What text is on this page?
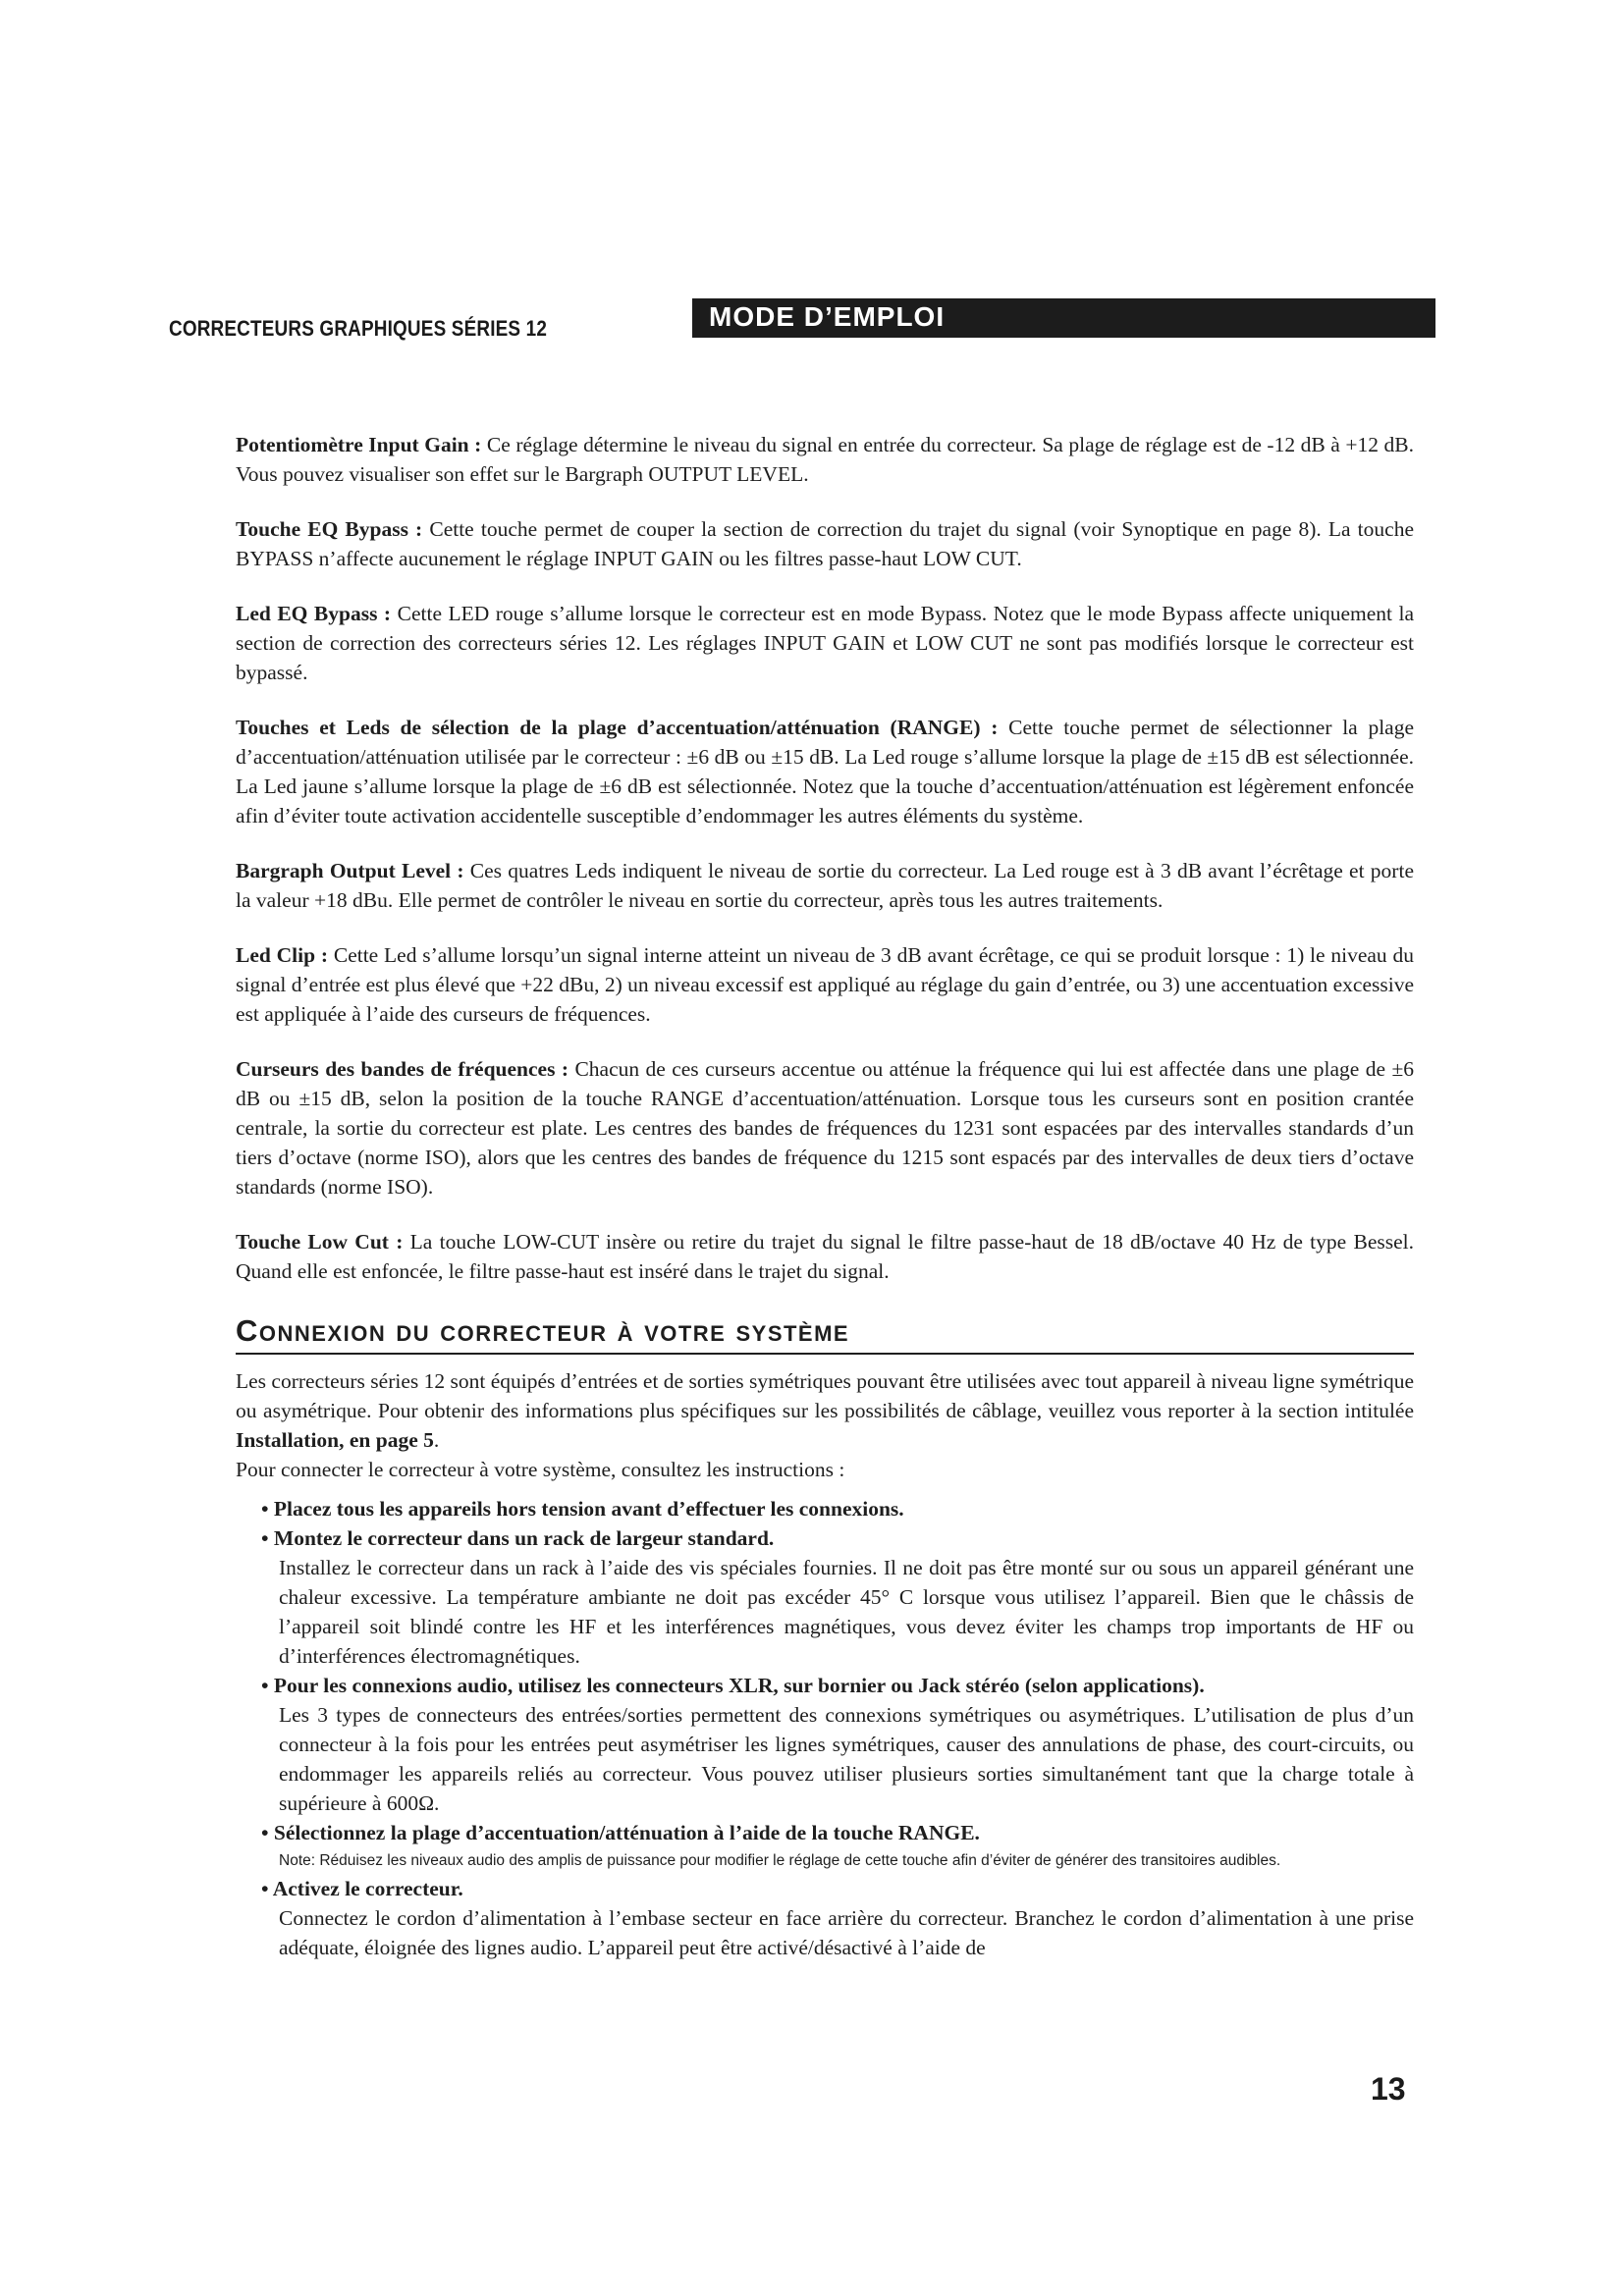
CORRECTEURS GRAPHIQUES SÉRIES 12	MODE D’EMPLOI

Potentiomètre Input Gain : Ce réglage détermine le niveau du signal en entrée du correcteur. Sa plage de réglage est de -12 dB à +12 dB. Vous pouvez visualiser son effet sur le Bargraph OUTPUT LEVEL.

Touche EQ Bypass : Cette touche permet de couper la section de correction du trajet du signal (voir Synoptique en page 8). La touche BYPASS n’affecte aucunement le réglage INPUT GAIN ou les filtres passe-haut LOW CUT.

Led EQ Bypass : Cette LED rouge s’allume lorsque le correcteur est en mode Bypass. Notez que le mode Bypass affecte uniquement la section de correction des correcteurs séries 12. Les réglages INPUT GAIN et LOW CUT ne sont pas modifiés lorsque le correcteur est bypassé.

Touches et Leds de sélection de la plage d’accentuation/atténuation (RANGE) : Cette touche permet de sélectionner la plage d’accentuation/atténuation utilisée par le correcteur : ±6 dB ou ±15 dB. La Led rouge s’allume lorsque la plage de ±15 dB est sélectionnée. La Led jaune s’allume lorsque la plage de ±6 dB est sélectionnée. Notez que la touche d’accentuation/atténuation est légèrement enfoncée afin d’éviter toute activation accidentelle susceptible d’endommager les autres éléments du système.

Bargraph Output Level : Ces quatres Leds indiquent le niveau de sortie du correcteur. La Led rouge est à 3 dB avant l’écrêtage et porte la valeur +18 dBu. Elle permet de contrôler le niveau en sortie du correcteur, après tous les autres traitements.

Led Clip : Cette Led s’allume lorsqu’un signal interne atteint un niveau de 3 dB avant écrêtage, ce qui se produit lorsque : 1) le niveau du signal d’entrée est plus élevé que +22 dBu, 2) un niveau excessif est appliqué au réglage du gain d’entrée, ou 3) une accentuation excessive est appliquée à l’aide des curseurs de fréquences.

Curseurs des bandes de fréquences : Chacun de ces curseurs accentue ou atténue la fréquence qui lui est affectée dans une plage de ±6 dB ou ±15 dB, selon la position de la touche RANGE d’accentuation/atténuation. Lorsque tous les curseurs sont en position crantée centrale, la sortie du correcteur est plate. Les centres des bandes de fréquences du 1231 sont espacées par des intervalles standards d’un tiers d’octave (norme ISO), alors que les centres des bandes de fréquence du 1215 sont espacés par des intervalles de deux tiers d’octave standards (norme ISO).

Touche Low Cut : La touche LOW-CUT insère ou retire du trajet du signal le filtre passe-haut de 18 dB/octave 40 Hz de type Bessel. Quand elle est enfoncée, le filtre passe-haut est inséré dans le trajet du signal.

Connexion du correcteur à votre système

Les correcteurs séries 12 sont équipés d’entrées et de sorties symétriques pouvant être utilisées avec tout appareil à niveau ligne symétrique ou asymétrique. Pour obtenir des informations plus spécifiques sur les possibilités de câblage, veuillez vous reporter à la section intitulée Installation, en page 5.

Pour connecter le correcteur à votre système, consultez les instructions :

• Placez tous les appareils hors tension avant d’effectuer les connexions.
• Montez le correcteur dans un rack de largeur standard.

Installez le correcteur dans un rack à l’aide des vis spéciales fournies. Il ne doit pas être monté sur ou sous un appareil générant une chaleur excessive. La température ambiante ne doit pas excéder 45° C lorsque vous utilisez l’appareil. Bien que le châssis de l’appareil soit blindé contre les HF et les interférences magnétiques, vous devez éviter les champs trop importants de HF ou d’interférences électromagnétiques.

• Pour les connexions audio, utilisez les connecteurs XLR, sur bornier ou Jack stéréo (selon applications).

Les 3 types de connecteurs des entrées/sorties permettent des connexions symétriques ou asymétriques. L’utilisation de plus d’un connecteur à la fois pour les entrées peut asymétriser les lignes symétriques, causer des annulations de phase, des court-circuits, ou endommager les appareils reliés au correcteur. Vous pouvez utiliser plusieurs sorties simultanément tant que la charge totale à supérieure à 600Ω.

• Sélectionnez la plage d’accentuation/atténuation à l’aide de la touche RANGE.
Note: Réduisez les niveaux audio des amplis de puissance pour modifier le réglage de cette touche afin d’éviter de générer des transitoires audibles.
• Activez le correcteur.

Connectez le cordon d’alimentation à l’embase secteur en face arrière du correcteur. Branchez le cordon d’alimentation à une prise adéquate, éloignée des lignes audio. L’appareil peut être activé/désactivé à l’aide de

13
